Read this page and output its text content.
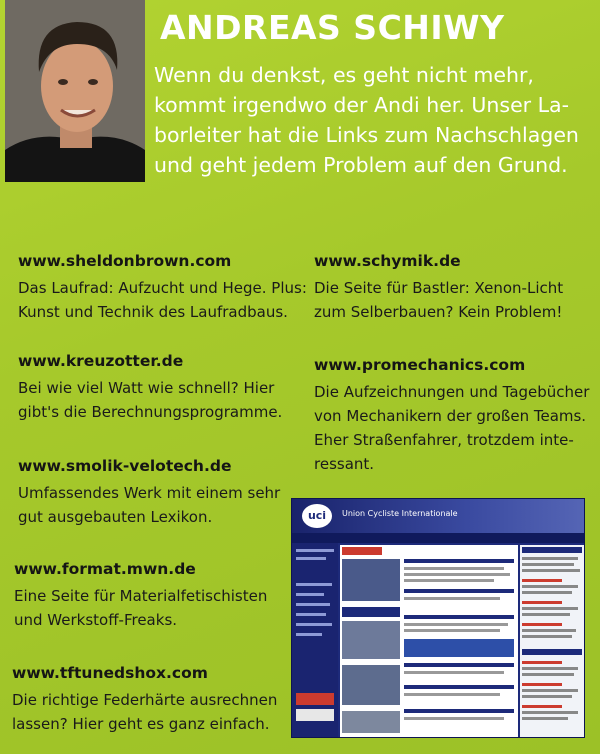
ANDREAS SCHIWY

Wenn du denkst, es geht nicht mehr,
kommt irgendwo der Andi her. Unser La-
borleiter hat die Links zum Nachschlagen
und geht jedem Problem auf den Grund.

www.sheldonbrown.com

Das Laufrad: Aufzucht und Hege. Plus:
Kunst und Technik des Laufradbaus.

www.kreuzotter.de

Bei wie viel Watt wie schnell? Hier
gibt's die Berechnungsprogramme.

www.smolik-velotech.de

Umfassendes Werk mit einem sehr
gut ausgebauten Lexikon.

www.format.mwn.de

Eine Seite für Materialfetischisten
und Werkstoff-Freaks.

www.tftunedshox.com

Die richtige Federhärte ausrechnen
lassen? Hier geht es ganz einfach.

www.schymik.de

Die Seite für Bastler: Xenon-Licht
zum Selberbauen? Kein Problem!

www.promechanics.com

Die Aufzeichnungen und Tagebücher
von Mechanikern der großen Teams.
Eher Straßenfahrer, trotzdem inte-
ressant.

uci	Union Cycliste Internationale
